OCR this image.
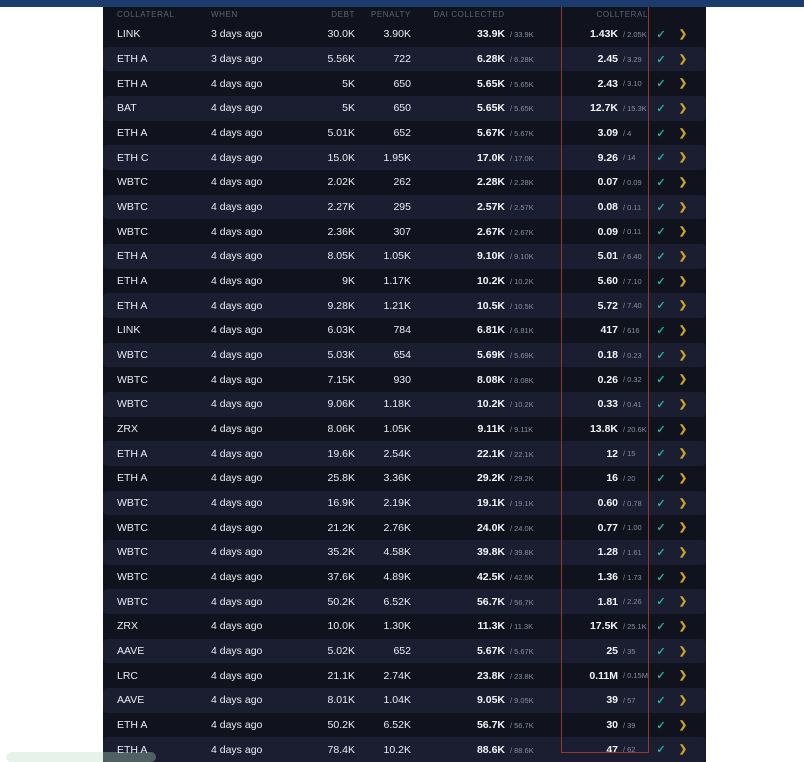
COLLATERAL	WHEN	DEBT	PENALTY	DAI COLLECTED	COLLTERAL
LINK	3 days ago	30.0K	3.90K	33.9K / 33.9K	1.43K / 2.05K ✓	❯
ETH A	3 days ago	5.56K	722	6.28K / 6.28K	2.45 / 3.29	✓	❯
ETH A	4 days ago	5K	650	5.65K / 5.65K	2.43 / 3.10	✓	❯
BAT	4 days ago	5K	650	5.65K / 5.65K	12.7K / 15.3K ✓	❯
ETH A	4 days ago	5.01K	652	5.67K / 5.67K	3.09 / 4	✓	❯
ETH C	4 days ago	15.0K	1.95K	17.0K / 17.0K	9.26 / 14	✓	❯
WBTC	4 days ago	2.02K	262	2.28K / 2.28K	0.07 / 0.09	✓	❯
WBTC	4 days ago	2.27K	295	2.57K / 2.57K	0.08 / 0.11	✓	❯
WBTC	4 days ago	2.36K	307	2.67K / 2.67K	0.09 / 0.11	✓	❯
ETH A	4 days ago	8.05K	1.05K	9.10K / 9.10K	5.01 / 6.40	✓	❯
ETH A	4 days ago	9K	1.17K	10.2K / 10.2K	5.60 / 7.10	✓	❯
ETH A	4 days ago	9.28K	1.21K	10.5K / 10.5K	5.72 / 7.40	✓	❯
LINK	4 days ago	6.03K	784	6.81K / 6.81K	417 / 616	✓	❯
WBTC	4 days ago	5.03K	654	5.69K / 5.69K	0.18 / 0.23	✓	❯
WBTC	4 days ago	7.15K	930	8.08K / 8.08K	0.26 / 0.32	✓	❯
WBTC	4 days ago	9.06K	1.18K	10.2K / 10.2K	0.33 / 0.41	✓	❯
ZRX	4 days ago	8.06K	1.05K	9.11K / 9.11K	13.8K / 20.6K ✓	❯
ETH A	4 days ago	19.6K	2.54K	22.1K / 22.1K	12 / 15	✓	❯
ETH A	4 days ago	25.8K	3.36K	29.2K / 29.2K	16 / 20	✓	❯
WBTC	4 days ago	16.9K	2.19K	19.1K / 19.1K	0.60 / 0.78	✓	❯
WBTC	4 days ago	21.2K	2.76K	24.0K / 24.0K	0.77 / 1.00	✓	❯
WBTC	4 days ago	35.2K	4.58K	39.8K / 39.8K	1.28 / 1.61	✓	❯
WBTC	4 days ago	37.6K	4.89K	42.5K / 42.5K	1.36 / 1.73	✓	❯
WBTC	4 days ago	50.2K	6.52K	56.7K / 56.7K	1.81 / 2.26	✓	❯
ZRX	4 days ago	10.0K	1.30K	11.3K / 11.3K	17.5K / 25.1K ✓	❯
AAVE	4 days ago	5.02K	652	5.67K / 5.67K	25 / 35	✓	❯
LRC	4 days ago	21.1K	2.74K	23.8K / 23.8K	0.11M / 0.15M ✓	❯
AAVE	4 days ago	8.01K	1.04K	9.05K / 9.05K	39 / 57	✓	❯
ETH A	4 days ago	50.2K	6.52K	56.7K / 56.7K	30 / 39	✓	❯
ETH A	4 days ago	78.4K	10.2K	88.6K / 88.6K	47 / 62	✓	❯
